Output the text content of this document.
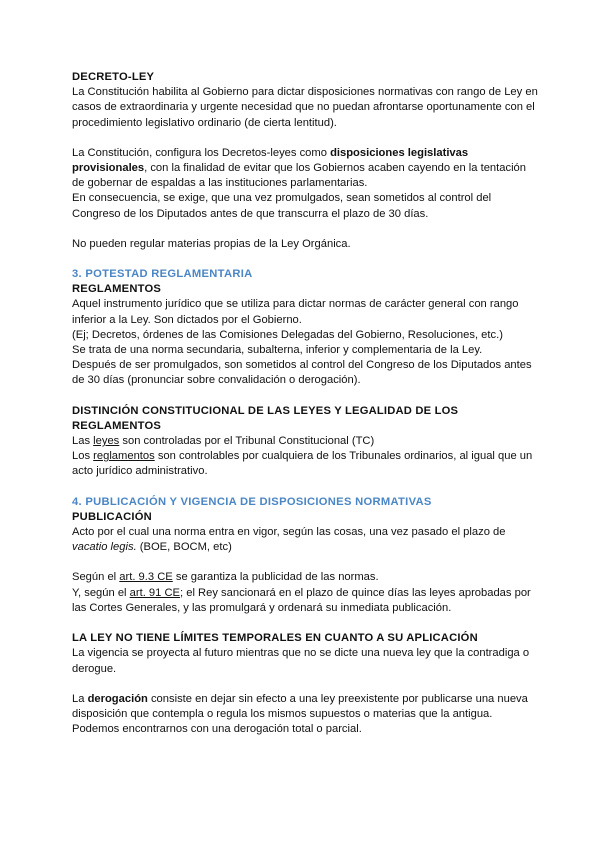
DECRETO-LEY

La Constitución habilita al Gobierno para dictar disposiciones normativas con rango de Ley en casos de extraordinaria y urgente necesidad que no puedan afrontarse oportunamente con el procedimiento legislativo ordinario (de cierta lentitud).

La Constitución, configura los Decretos-leyes como disposiciones legislativas provisionales, con la finalidad de evitar que los Gobiernos acaben cayendo en la tentación de gobernar de espaldas a las instituciones parlamentarias.

En consecuencia, se exige, que una vez promulgados, sean sometidos al control del Congreso de los Diputados antes de que transcurra el plazo de 30 días.

No pueden regular materias propias de la Ley Orgánica.

3. POTESTAD REGLAMENTARIA

REGLAMENTOS

Aquel instrumento jurídico que se utiliza para dictar normas de carácter general con rango inferior a la Ley. Son dictados por el Gobierno.

(Ej; Decretos, órdenes de las Comisiones Delegadas del Gobierno, Resoluciones, etc.)

Se trata de una norma secundaria, subalterna, inferior y complementaria de la Ley.

Después de ser promulgados, son sometidos al control del Congreso de los Diputados antes de 30 días (pronunciar sobre convalidación o derogación).

DISTINCIÓN CONSTITUCIONAL DE LAS LEYES Y LEGALIDAD DE LOS REGLAMENTOS

Las leyes son controladas por el Tribunal Constitucional (TC)

Los reglamentos son controlables por cualquiera de los Tribunales ordinarios, al igual que un acto jurídico administrativo.

4. PUBLICACIÓN Y VIGENCIA DE DISPOSICIONES NORMATIVAS

PUBLICACIÓN

Acto por el cual una norma entra en vigor, según las cosas, una vez pasado el plazo de vacatio legis. (BOE, BOCM, etc)

Según el art. 9.3 CE se garantiza la publicidad de las normas.

Y, según el art. 91 CE; el Rey sancionará en el plazo de quince días las leyes aprobadas por las Cortes Generales, y las promulgará y ordenará su inmediata publicación.

LA LEY NO TIENE LÍMITES TEMPORALES EN CUANTO A SU APLICACIÓN

La vigencia se proyecta al futuro mientras que no se dicte una nueva ley que la contradiga o derogue.

La derogación consiste en dejar sin efecto a una ley preexistente por publicarse una nueva disposición que contempla o regula los mismos supuestos o materias que la antigua.

Podemos encontrarnos con una derogación total o parcial.
